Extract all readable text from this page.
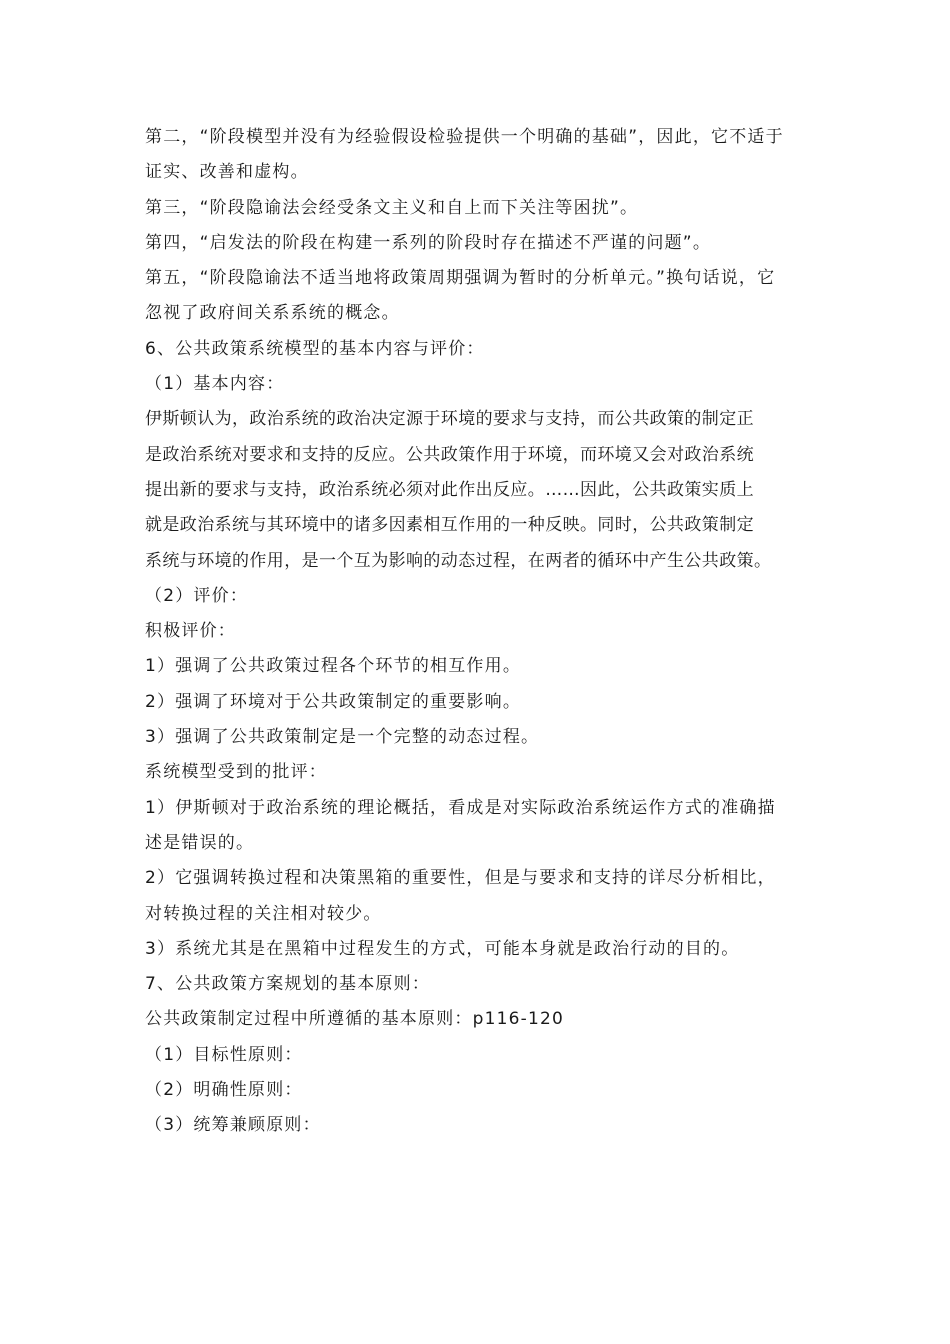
第二，“阶段模型并没有为经验假设检验提供一个明确的基础”，因此，它不适于
证实、改善和虚构。
第三，“阶段隐谕法会经受条文主义和自上而下关注等困扰”。
第四，“启发法的阶段在构建一系列的阶段时存在描述不严谨的问题”。
第五，“阶段隐谕法不适当地将政策周期强调为暂时的分析单元。”换句话说，它
忽视了政府间关系系统的概念。
6、公共政策系统模型的基本内容与评价：
（1）基本内容：
伊斯顿认为，政治系统的政治决定源于环境的要求与支持，而公共政策的制定正
是政治系统对要求和支持的反应。公共政策作用于环境，而环境又会对政治系统
提出新的要求与支持，政治系统必须对此作出反应。……因此，公共政策实质上
就是政治系统与其环境中的诸多因素相互作用的一种反映。同时，公共政策制定
系统与环境的作用，是一个互为影响的动态过程，在两者的循环中产生公共政策。
（2）评价：
积极评价：
1）强调了公共政策过程各个环节的相互作用。
2）强调了环境对于公共政策制定的重要影响。
3）强调了公共政策制定是一个完整的动态过程。
系统模型受到的批评：
1）伊斯顿对于政治系统的理论概括，看成是对实际政治系统运作方式的准确描
述是错误的。
2）它强调转换过程和决策黑箱的重要性，但是与要求和支持的详尽分析相比，
对转换过程的关注相对较少。
3）系统尤其是在黑箱中过程发生的方式，可能本身就是政治行动的目的。
7、公共政策方案规划的基本原则：
公共政策制定过程中所遵循的基本原则：p116-120
（1）目标性原则：
（2）明确性原则：
（3）统筹兼顾原则：
